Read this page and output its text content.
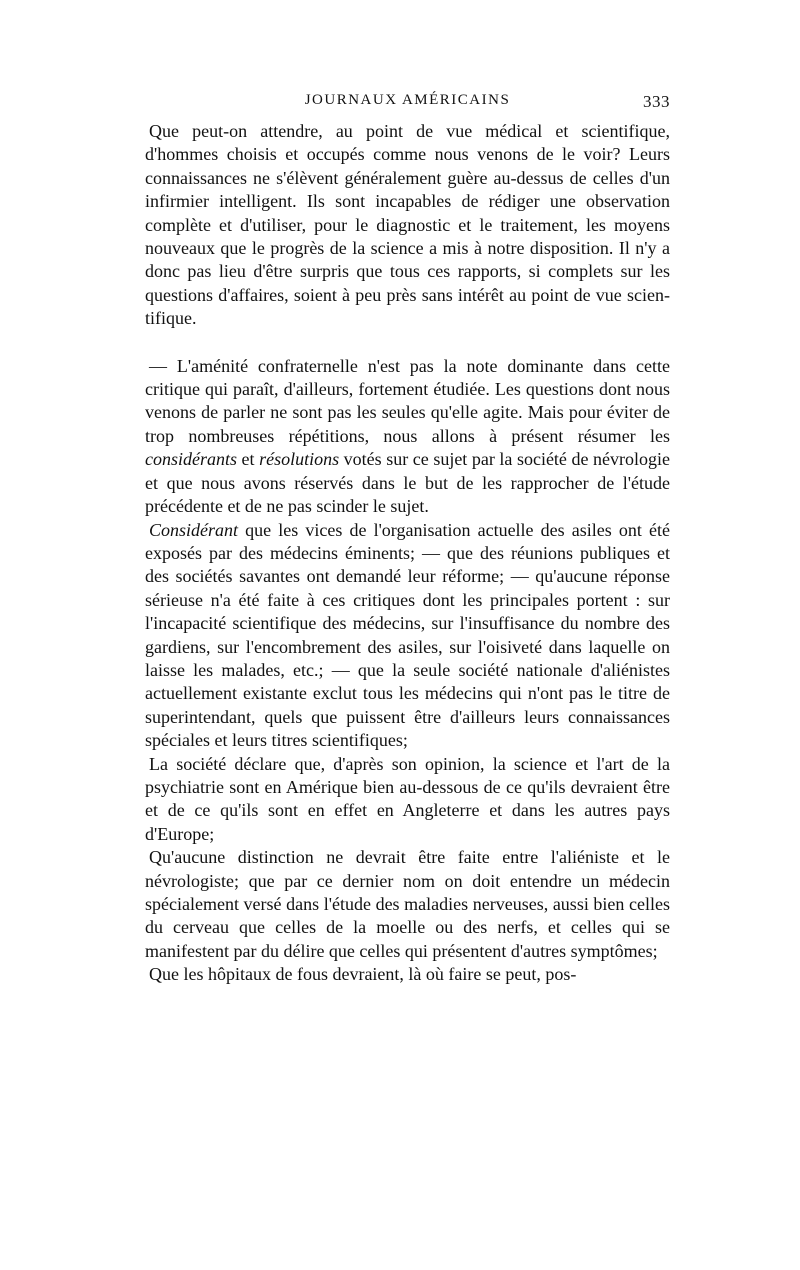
JOURNAUX AMÉRICAINS	333

Que peut-on attendre, au point de vue médical et scientifique, d'hommes choisis et occupés comme nous venons de le voir? Leurs connaissances ne s'élèvent généralement guère au-dessus de celles d'un infirmier intelligent. Ils sont incapables de rédiger une observation complète et d'utiliser, pour le diagnostic et le traitement, les moyens nouveaux que le progrès de la science a mis à notre disposition. Il n'y a donc pas lieu d'être surpris que tous ces rapports, si complets sur les questions d'affaires, soient à peu près sans intérêt au point de vue scientifique.

— L'aménité confraternelle n'est pas la note dominante dans cette critique qui paraît, d'ailleurs, fortement étudiée. Les questions dont nous venons de parler ne sont pas les seules qu'elle agite. Mais pour éviter de trop nombreuses répétitions, nous allons à présent résumer les considérants et résolutions votés sur ce sujet par la société de névrologie et que nous avons réservés dans le but de les rapprocher de l'étude précédente et de ne pas scinder le sujet.

Considérant que les vices de l'organisation actuelle des asiles ont été exposés par des médecins éminents; — que des réunions publiques et des sociétés savantes ont demandé leur réforme; — qu'aucune réponse sérieuse n'a été faite à ces critiques dont les principales portent : sur l'incapacité scientifique des médecins, sur l'insuffisance du nombre des gardiens, sur l'encombrement des asiles, sur l'oisiveté dans laquelle on laisse les malades, etc.; — que la seule société nationale d'aliénistes actuellement existante exclut tous les médecins qui n'ont pas le titre de superintendant, quels que puissent être d'ailleurs leurs connaissances spéciales et leurs titres scientifiques;

La société déclare que, d'après son opinion, la science et l'art de la psychiatrie sont en Amérique bien au-dessous de ce qu'ils devraient être et de ce qu'ils sont en effet en Angleterre et dans les autres pays d'Europe;

Qu'aucune distinction ne devrait être faite entre l'aliéniste et le névrologiste; que par ce dernier nom on doit entendre un médecin spécialement versé dans l'étude des maladies nerveuses, aussi bien celles du cerveau que celles de la moelle ou des nerfs, et celles qui se manifestent par du délire que celles qui présentent d'autres symptômes;

Que les hôpitaux de fous devraient, là où faire se peut, pos-
